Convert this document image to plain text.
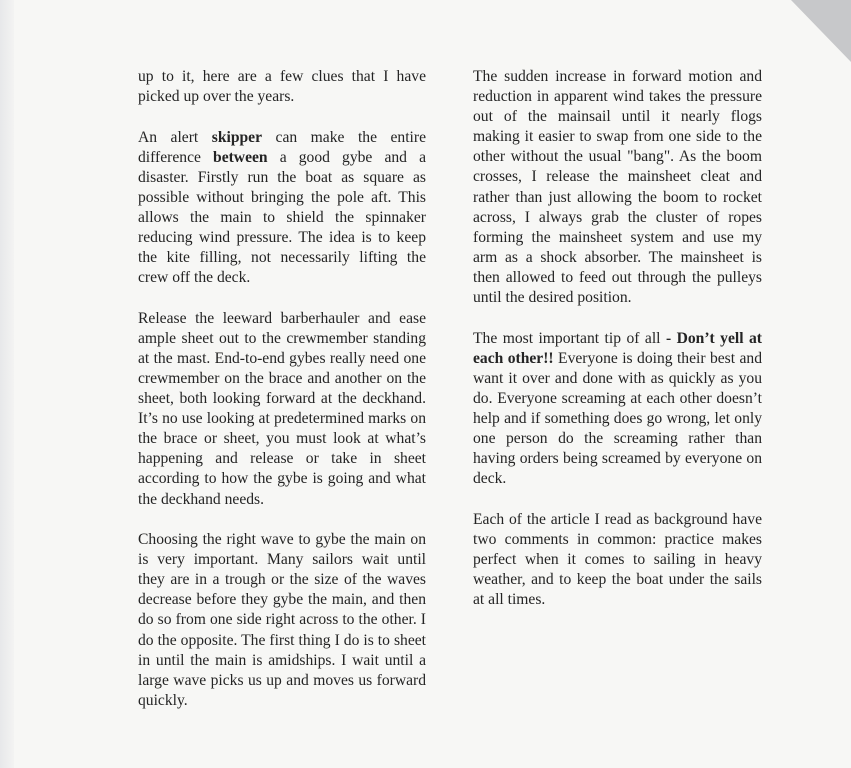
up to it, here are a few clues that I have picked up over the years.

An alert skipper can make the entire difference between a good gybe and a disaster. Firstly run the boat as square as possible without bringing the pole aft. This allows the main to shield the spinnaker reducing wind pressure. The idea is to keep the kite filling, not necessarily lifting the crew off the deck.

Release the leeward barberhauler and ease ample sheet out to the crewmember standing at the mast. End-to-end gybes really need one crewmember on the brace and another on the sheet, both looking forward at the deckhand. It’s no use looking at predetermined marks on the brace or sheet, you must look at what’s happening and release or take in sheet according to how the gybe is going and what the deckhand needs.

Choosing the right wave to gybe the main on is very important. Many sailors wait until they are in a trough or the size of the waves decrease before they gybe the main, and then do so from one side right across to the other. I do the opposite. The first thing I do is to sheet in until the main is amidships. I wait until a large wave picks us up and moves us forward quickly.

The sudden increase in forward motion and reduction in apparent wind takes the pressure out of the mainsail until it nearly flogs making it easier to swap from one side to the other without the usual "bang". As the boom crosses, I release the mainsheet cleat and rather than just allowing the boom to rocket across, I always grab the cluster of ropes forming the mainsheet system and use my arm as a shock absorber. The mainsheet is then allowed to feed out through the pulleys until the desired position.

The most important tip of all - Don’t yell at each other!! Everyone is doing their best and want it over and done with as quickly as you do. Everyone screaming at each other doesn’t help and if something does go wrong, let only one person do the screaming rather than having orders being screamed by everyone on deck.

Each of the article I read as background have two comments in common: practice makes perfect when it comes to sailing in heavy weather, and to keep the boat under the sails at all times.
